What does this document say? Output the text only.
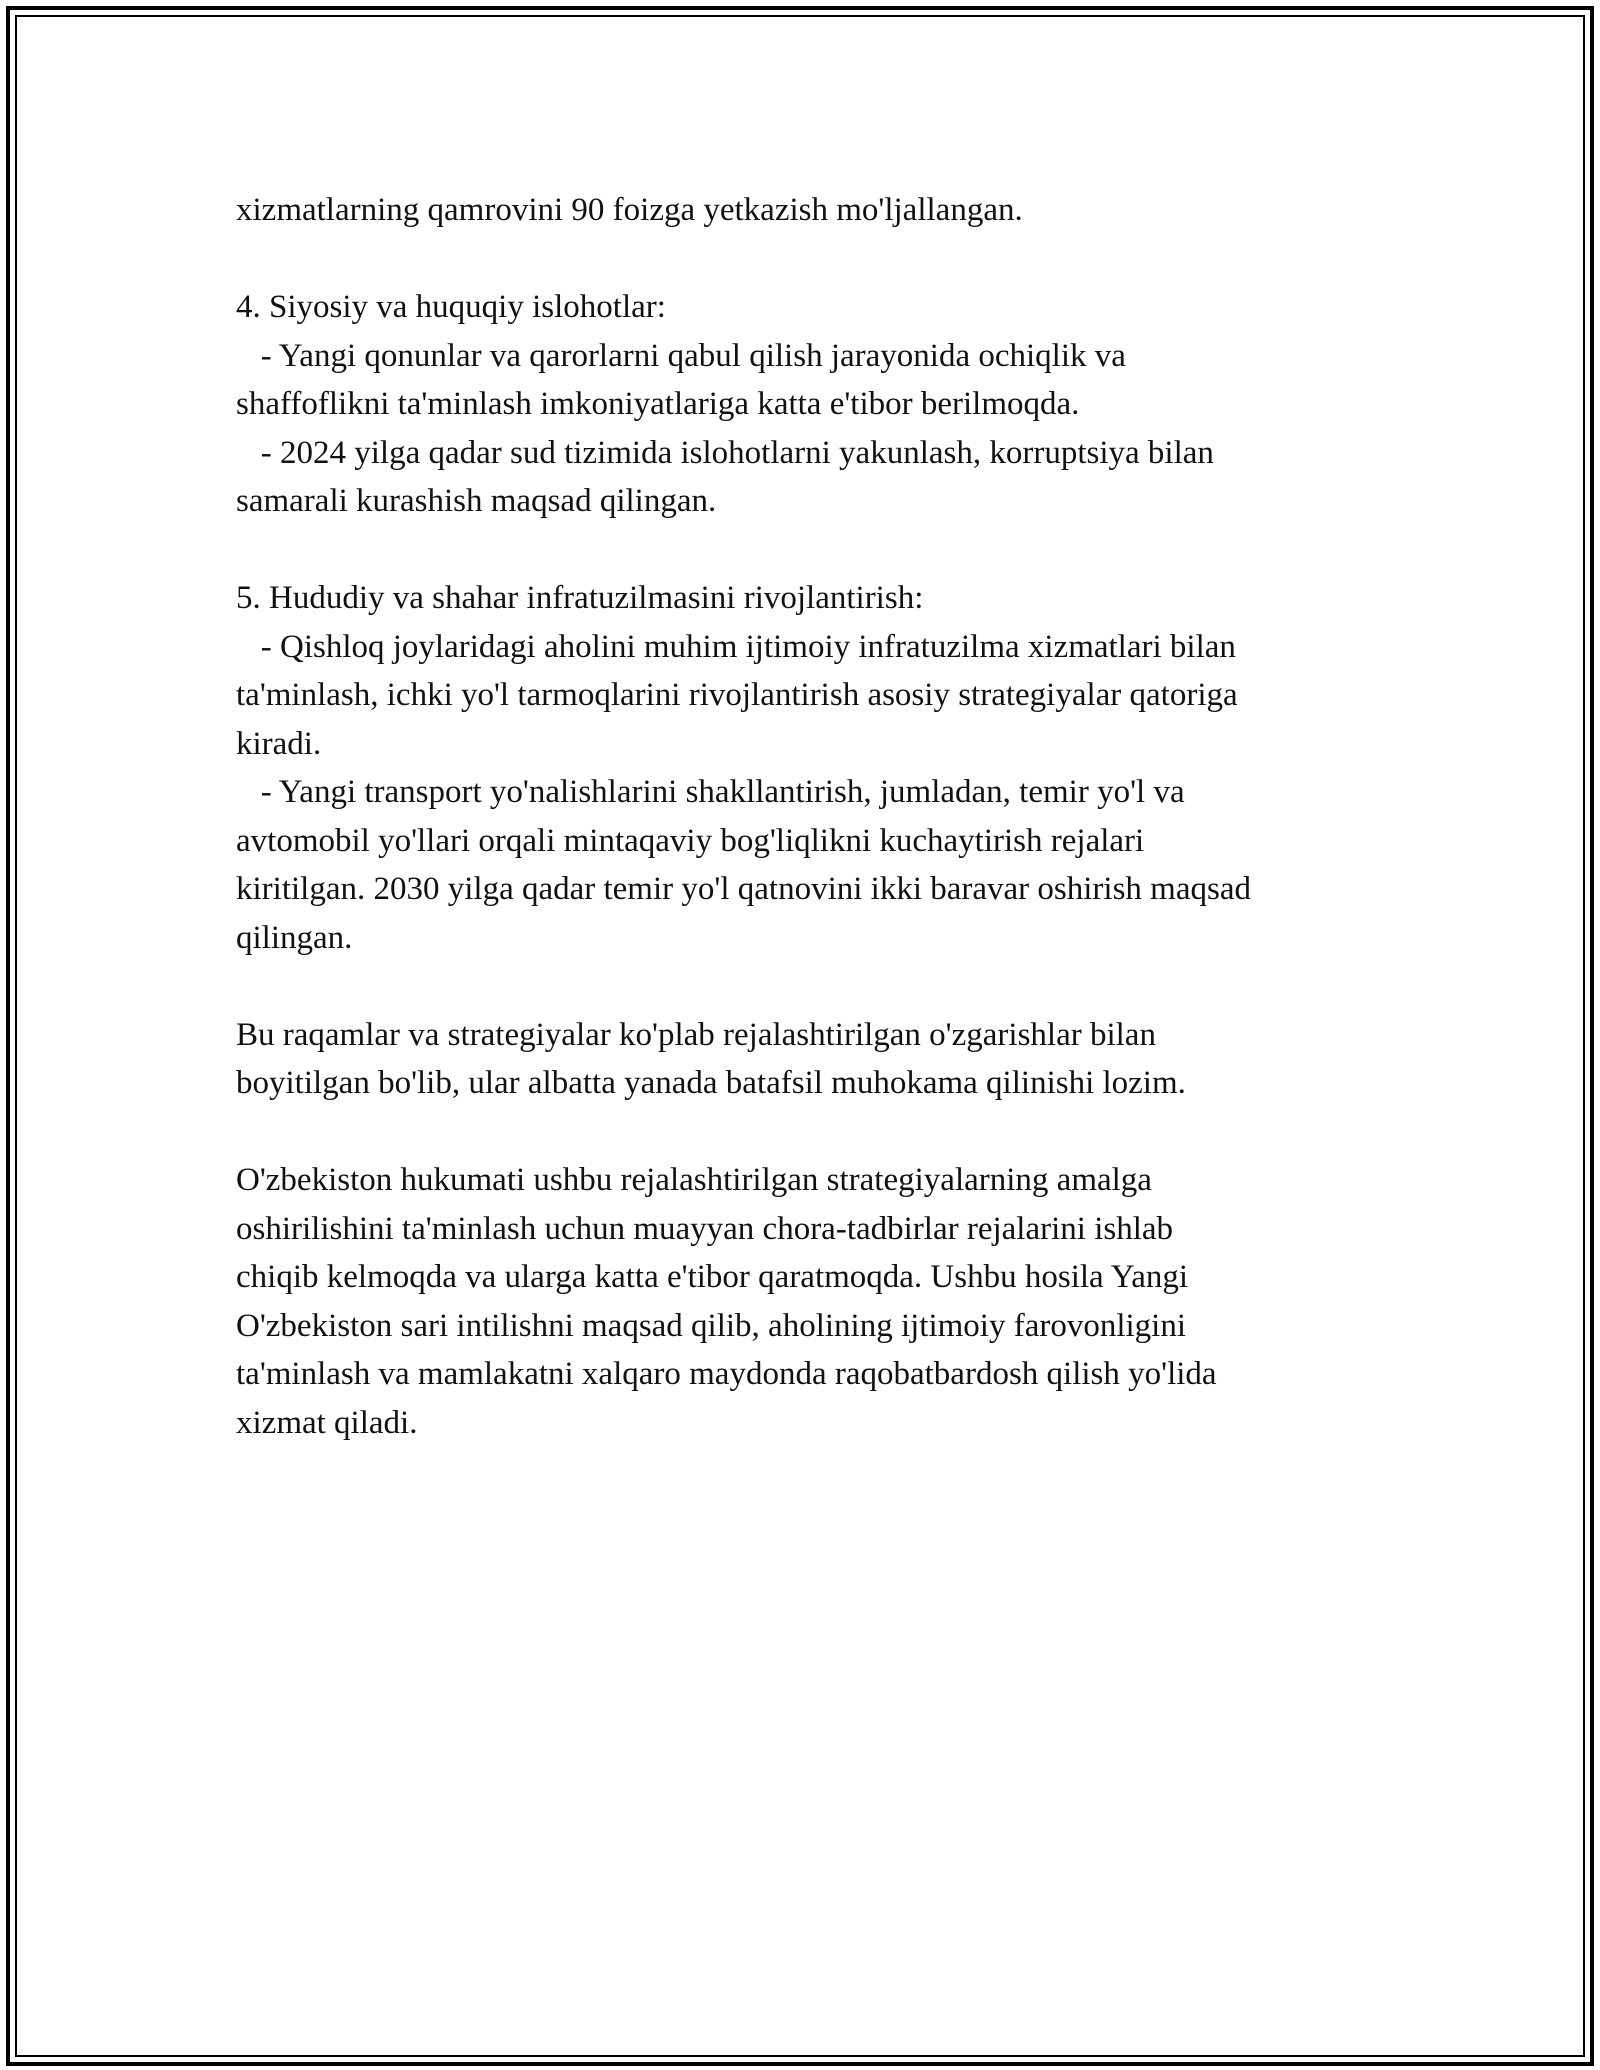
xizmatlarning qamrovini 90 foizga yetkazish mo'ljallangan.
4. Siyosiy va huquqiy islohotlar:
- Yangi qonunlar va qarorlarni qabul qilish jarayonida ochiqlik va
shaffoflikni ta'minlash imkoniyatlariga katta e'tibor berilmoqda.
- 2024 yilga qadar sud tizimida islohotlarni yakunlash, korruptsiya bilan
samarali kurashish maqsad qilingan.
5. Hududiy va shahar infratuzilmasini rivojlantirish:
- Qishloq joylaridagi aholini muhim ijtimoiy infratuzilma xizmatlari bilan
ta'minlash, ichki yo'l tarmoqlarini rivojlantirish asosiy strategiyalar qatoriga
kiradi.
- Yangi transport yo'nalishlarini shakllantirish, jumladan, temir yo'l va
avtomobil yo'llari orqali mintaqaviy bog'liqlikni kuchaytirish rejalari
kiritilgan. 2030 yilga qadar temir yo'l qatnovini ikki baravar oshirish maqsad
qilingan.
Bu raqamlar va strategiyalar ko'plab rejalashtirilgan o'zgarishlar bilan
boyitilgan bo'lib, ular albatta yanada batafsil muhokama qilinishi lozim.
O'zbekiston hukumati ushbu rejalashtirilgan strategiyalarning amalga
oshirilishini ta'minlash uchun muayyan chora-tadbirlar rejalarini ishlab
chiqib kelmoqda va ularga katta e'tibor qaratmoqda. Ushbu hosila Yangi
O'zbekiston sari intilishni maqsad qilib, aholining ijtimoiy farovonligini
ta'minlash va mamlakatni xalqaro maydonda raqobatbardosh qilish yo'lida
xizmat qiladi.
